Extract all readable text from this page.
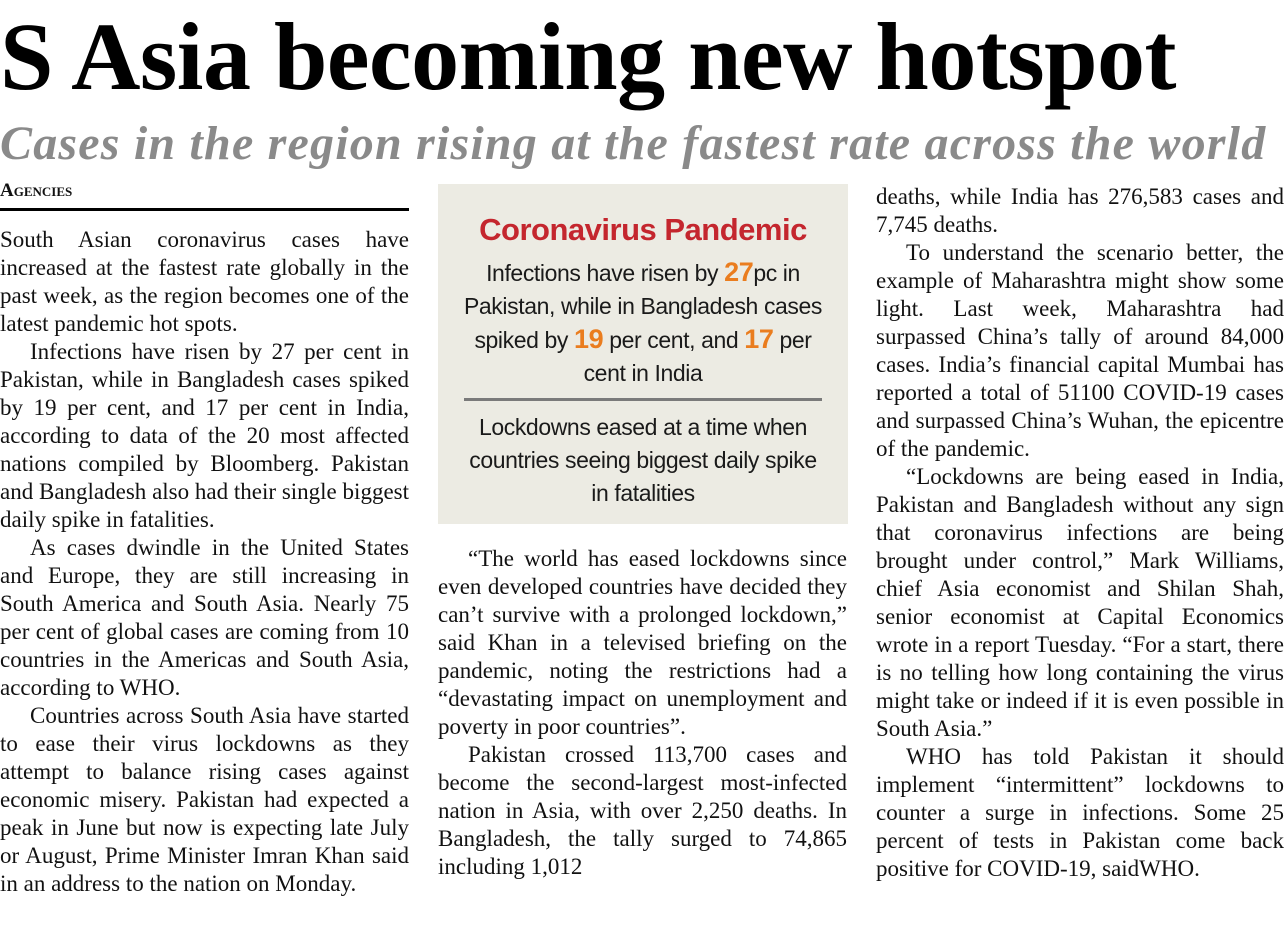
S Asia becoming new hotspot
Cases in the region rising at the fastest rate across the world
Agencies

South Asian coronavirus cases have increased at the fastest rate globally in the past week, as the region becomes one of the latest pandemic hot spots.

Infections have risen by 27 per cent in Pakistan, while in Bangladesh cases spiked by 19 per cent, and 17 per cent in India, according to data of the 20 most affected nations compiled by Bloomberg. Pakistan and Bangladesh also had their single biggest daily spike in fatalities.

As cases dwindle in the United States and Europe, they are still increasing in South America and South Asia. Nearly 75 per cent of global cases are coming from 10 countries in the Americas and South Asia, according to WHO.

Countries across South Asia have started to ease their virus lockdowns as they attempt to balance rising cases against economic misery. Pakistan had expected a peak in June but now is expecting late July or August, Prime Minister Imran Khan said in an address to the nation on Monday.

Coronavirus Pandemic
Infections have risen by 27pc in Pakistan, while in Bangladesh cases spiked by 19 per cent, and 17 per cent in India
Lockdowns eased at a time when countries seeing biggest daily spike in fatalities

“The world has eased lockdowns since even developed countries have decided they can’t survive with a prolonged lockdown,” said Khan in a televised briefing on the pandemic, noting the restrictions had a “devastating impact on unemployment and poverty in poor countries”.

Pakistan crossed 113,700 cases and become the second-largest most-infected nation in Asia, with over 2,250 deaths. In Bangladesh, the tally surged to 74,865 including 1,012

deaths, while India has 276,583 cases and 7,745 deaths.

To understand the scenario better, the example of Maharashtra might show some light. Last week, Maharashtra had surpassed China’s tally of around 84,000 cases. India’s financial capital Mumbai has reported a total of 51100 COVID-19 cases and surpassed China’s Wuhan, the epicentre of the pandemic.

“Lockdowns are being eased in India, Pakistan and Bangladesh without any sign that coronavirus infections are being brought under control,” Mark Williams, chief Asia economist and Shilan Shah, senior economist at Capital Economics wrote in a report Tuesday. “For a start, there is no telling how long containing the virus might take or indeed if it is even possible in South Asia.”

WHO has told Pakistan it should implement “intermittent” lockdowns to counter a surge in infections. Some 25 percent of tests in Pakistan come back positive for COVID-19, saidWHO.
